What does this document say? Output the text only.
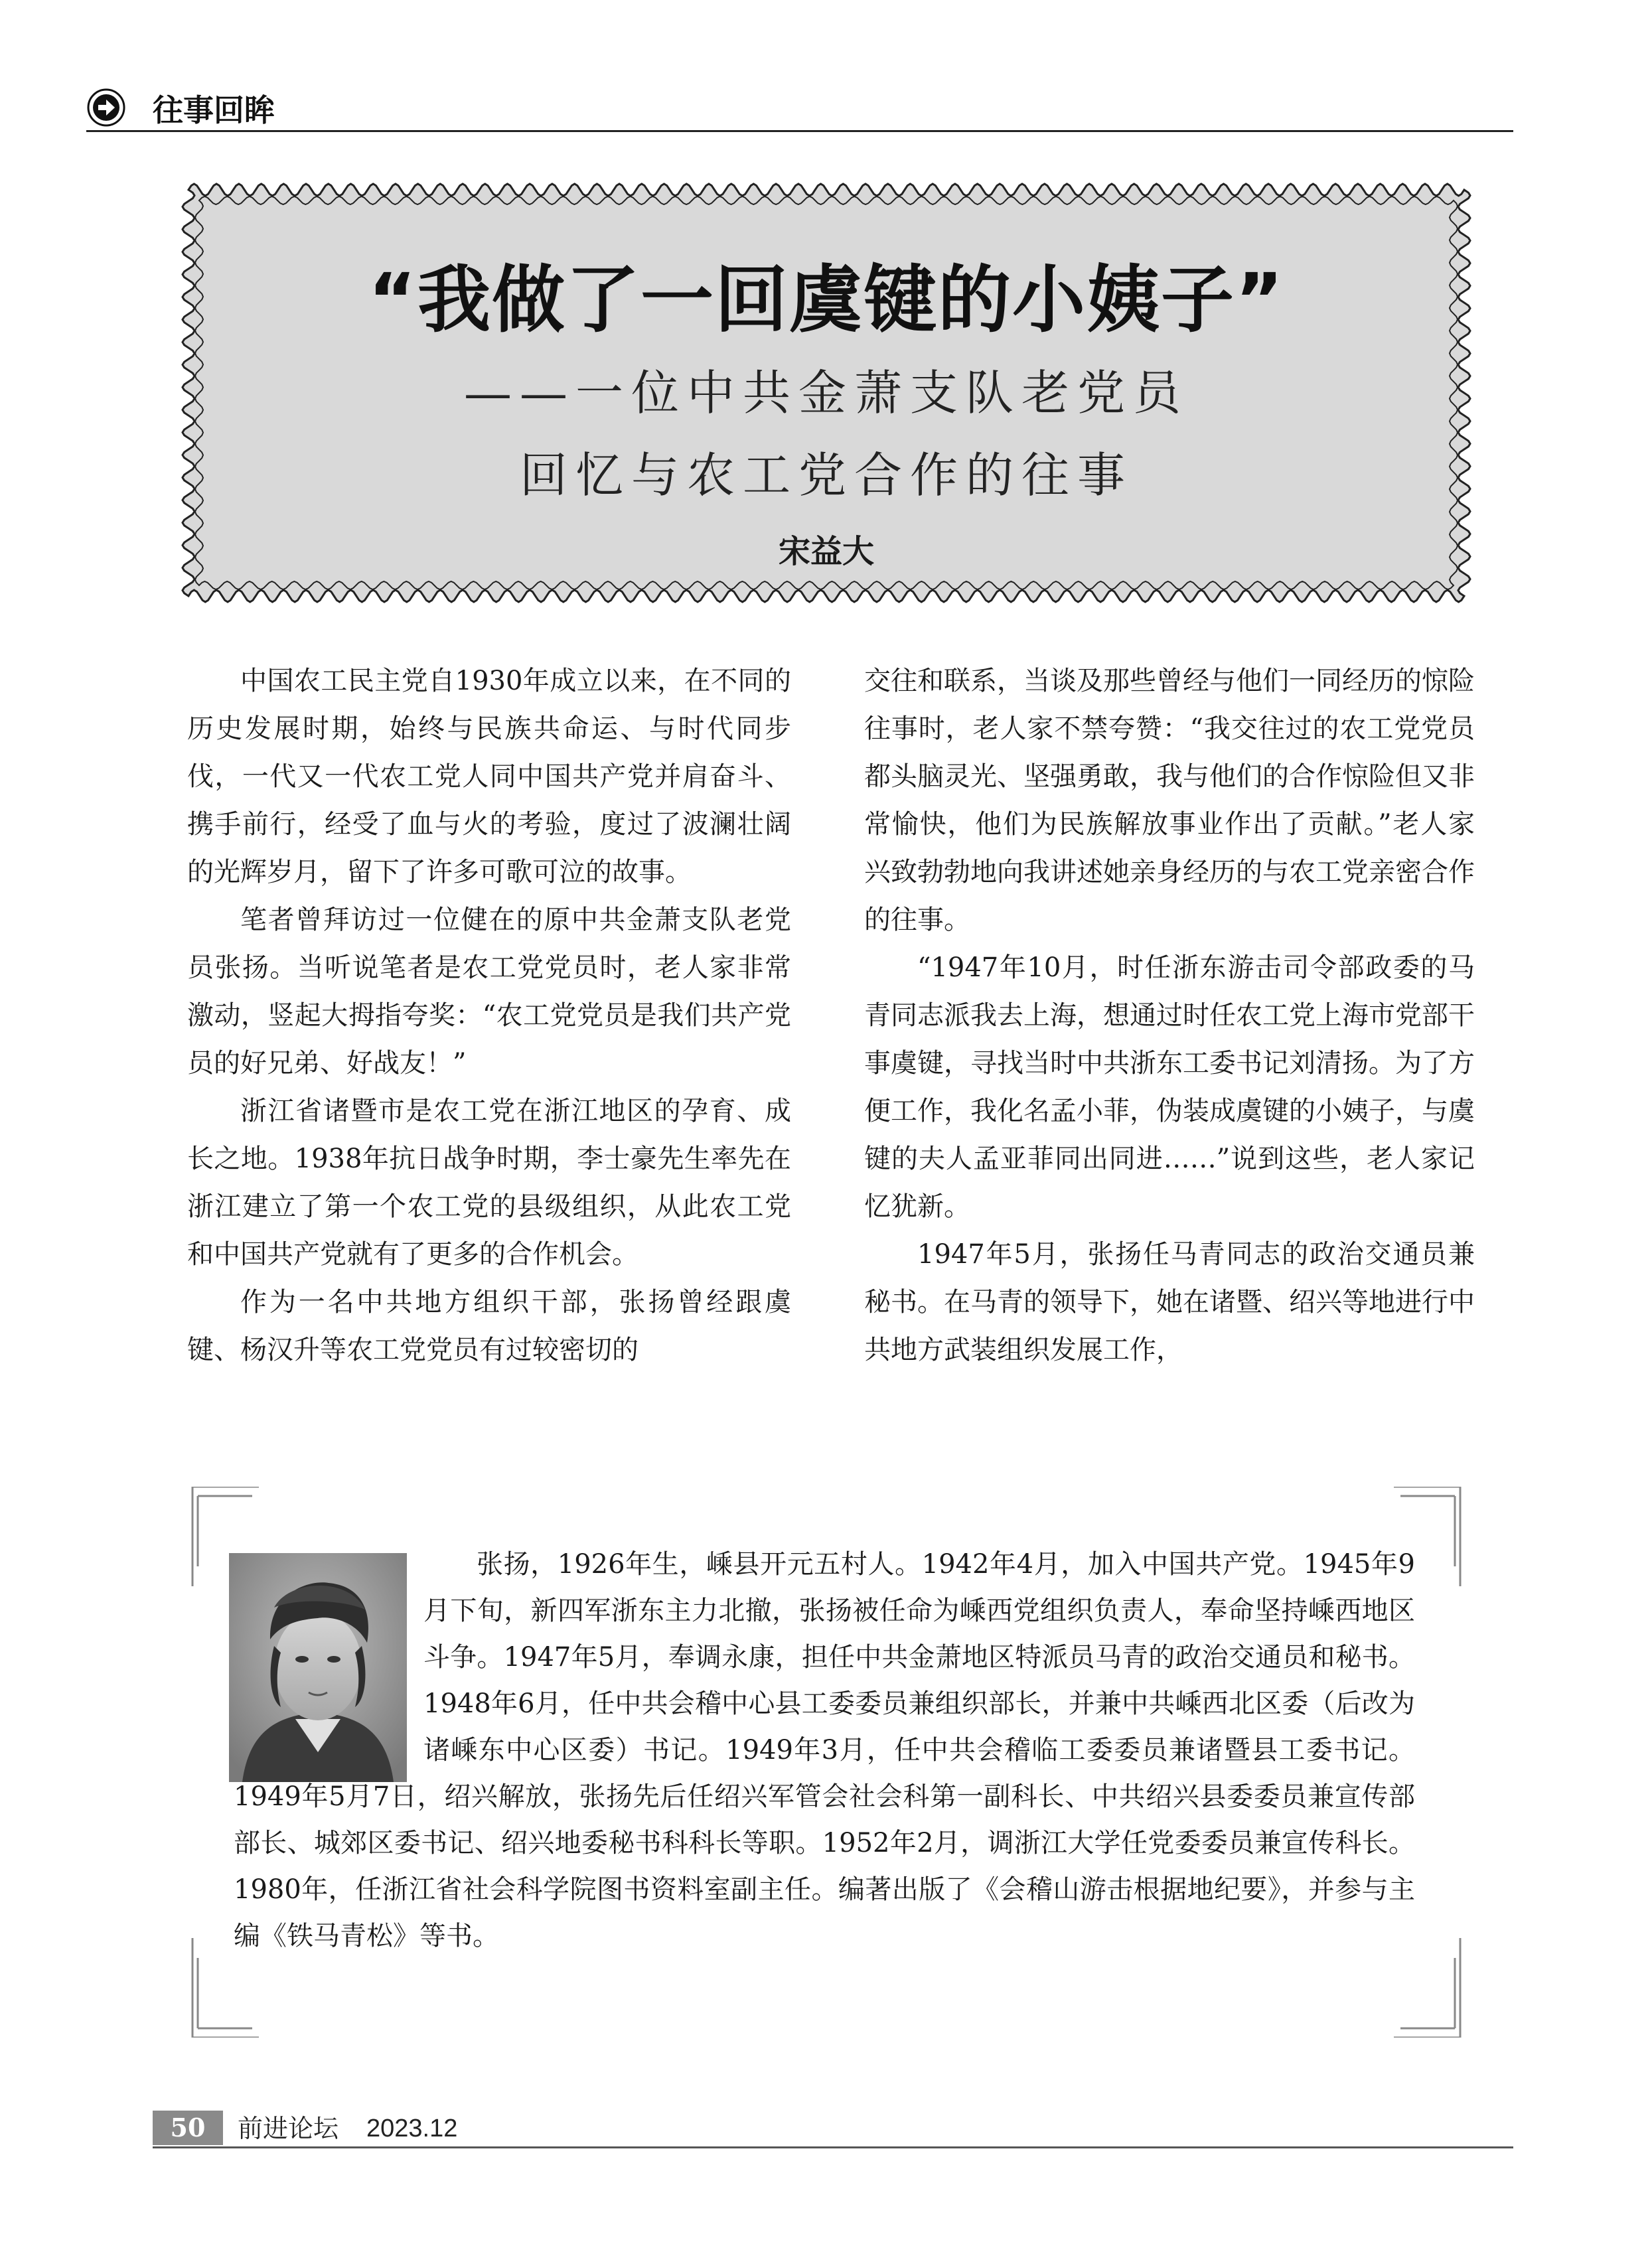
往事回眸
“我做了一回虞键的小姨子”
——一位中共金萧支队老党员
回忆与农工党合作的往事
宋益大

中国农工民主党自1930年成立以来，在不同的历史发展时期，始终与民族共命运、与时代同步伐，一代又一代农工党人同中国共产党并肩奋斗、携手前行，经受了血与火的考验，度过了波澜壮阔的光辉岁月，留下了许多可歌可泣的故事。

笔者曾拜访过一位健在的原中共金萧支队老党员张扬。当听说笔者是农工党党员时，老人家非常激动，竖起大拇指夸奖：“农工党党员是我们共产党员的好兄弟、好战友！”

浙江省诸暨市是农工党在浙江地区的孕育、成长之地。1938年抗日战争时期，李士豪先生率先在浙江建立了第一个农工党的县级组织，从此农工党和中国共产党就有了更多的合作机会。

作为一名中共地方组织干部，张扬曾经跟虞键、杨汉升等农工党党员有过较密切的

交往和联系，当谈及那些曾经与他们一同经历的惊险往事时，老人家不禁夸赞：“我交往过的农工党党员都头脑灵光、坚强勇敢，我与他们的合作惊险但又非常愉快，他们为民族解放事业作出了贡献。”老人家兴致勃勃地向我讲述她亲身经历的与农工党亲密合作的往事。

“1947年10月，时任浙东游击司令部政委的马青同志派我去上海，想通过时任农工党上海市党部干事虞键，寻找当时中共浙东工委书记刘清扬。为了方便工作，我化名孟小菲，伪装成虞键的小姨子，与虞键的夫人孟亚菲同出同进……”说到这些，老人家记忆犹新。

1947年5月，张扬任马青同志的政治交通员兼秘书。在马青的领导下，她在诸暨、绍兴等地进行中共地方武装组织发展工作，

张扬，1926年生，嵊县开元五村人。1942年4月，加入中国共产党。1945年9月下旬，新四军浙东主力北撤，张扬被任命为嵊西党组织负责人，奉命坚持嵊西地区斗争。1947年5月，奉调永康，担任中共金萧地区特派员马青的政治交通员和秘书。1948年6月，任中共会稽中心县工委委员兼组织部长，并兼中共嵊西北区委（后改为诸嵊东中心区委）书记。1949年3月，任中共会稽临工委委员兼诸暨县工委书记。1949年5月7日，绍兴解放，张扬先后任绍兴军管会社会科第一副科长、中共绍兴县委委员兼宣传部部长、城郊区委书记、绍兴地委秘书科科长等职。1952年2月，调浙江大学任党委委员兼宣传科长。1980年，任浙江省社会科学院图书资料室副主任。编著出版了《会稽山游击根据地纪要》，并参与主编《铁马青松》等书。

50	前进论坛 2023.12
